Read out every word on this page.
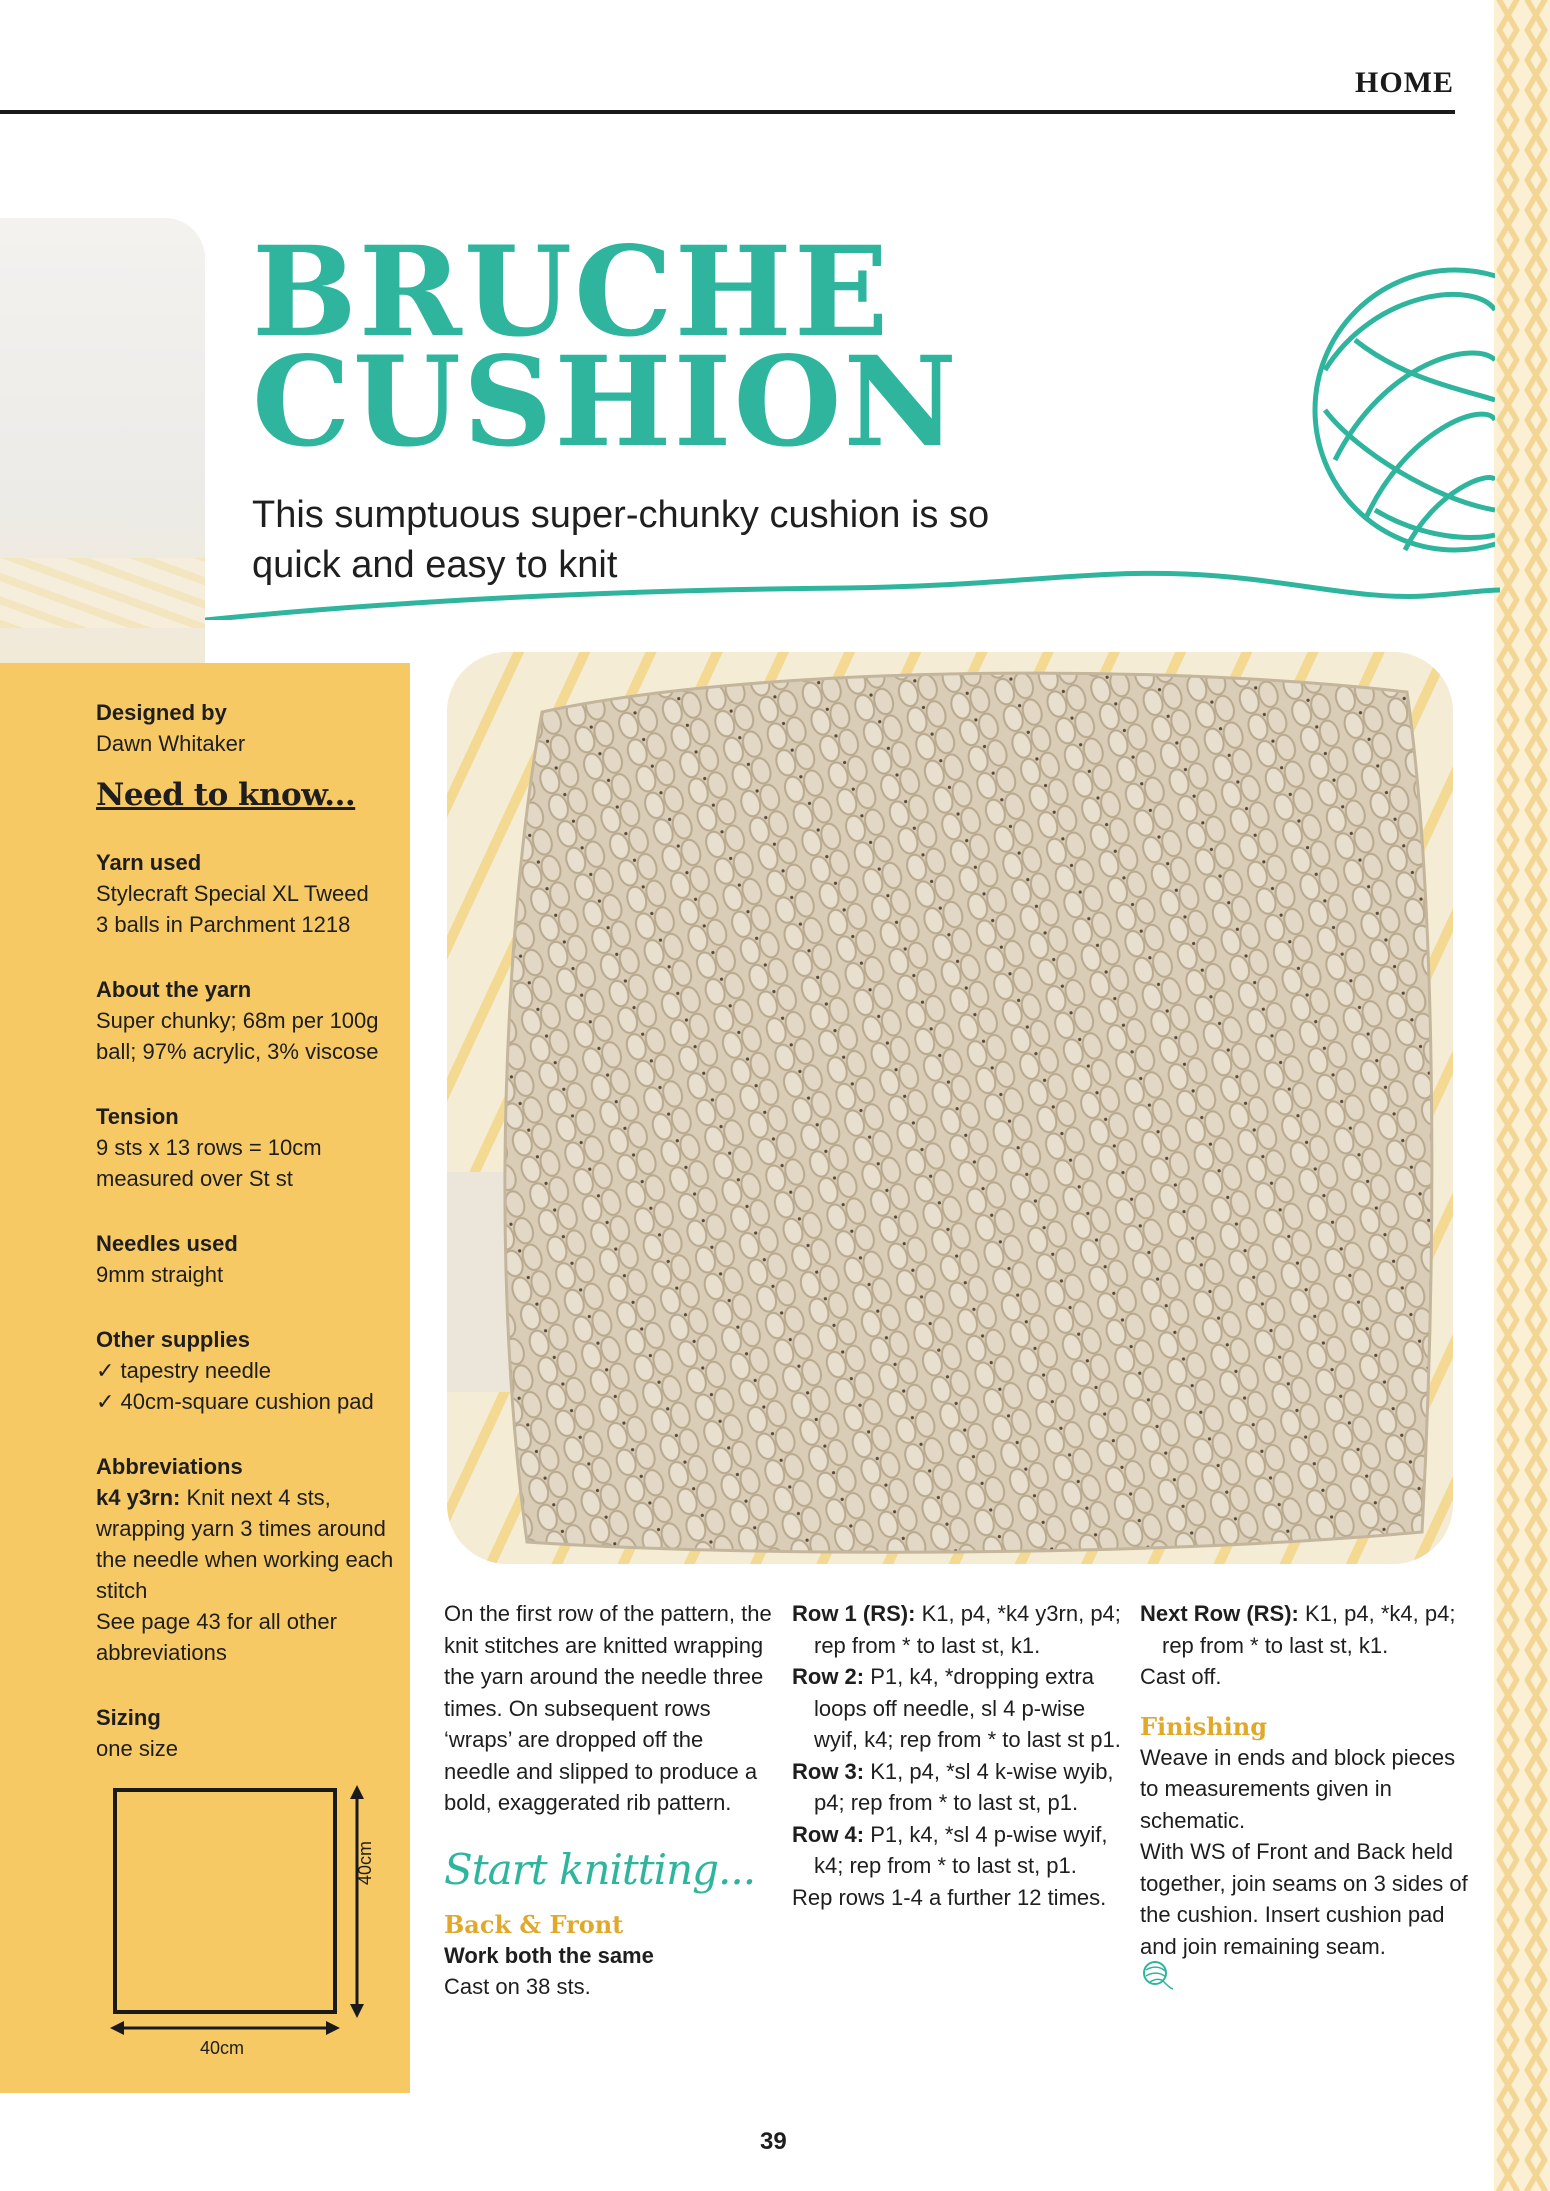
HOME
BRUCHE
CUSHION
This sumptuous super-chunky cushion is so quick and easy to knit
Designed by
Dawn Whitaker
Need to know...
Yarn used
Stylecraft Special XL Tweed
3 balls in Parchment 1218
About the yarn
Super chunky; 68m per 100g ball; 97% acrylic, 3% viscose
Tension
9 sts x 13 rows = 10cm measured over St st
Needles used
9mm straight
Other supplies
✓ tapestry needle
✓ 40cm-square cushion pad
Abbreviations
k4 y3rn: Knit next 4 sts, wrapping yarn 3 times around the needle when working each stitch
See page 43 for all other abbreviations
Sizing
one size
40cm
40cm

On the first row of the pattern, the knit stitches are knitted wrapping the yarn around the needle three times. On subsequent rows ‘wraps’ are dropped off the needle and slipped to produce a bold, exaggerated rib pattern.

Start knitting...
Back & Front

Work both the same

Cast on 38 sts.

Row 1 (RS): K1, p4, *k4 y3rn, p4; rep from * to last st, k1.

Row 2: P1, k4, *dropping extra loops off needle, sl 4 p-wise wyif, k4; rep from * to last st p1.

Row 3: K1, p4, *sl 4 k-wise wyib, p4; rep from * to last st, p1.

Row 4: P1, k4, *sl 4 p-wise wyif, k4; rep from * to last st, p1.

Rep rows 1-4 a further 12 times.

Next Row (RS): K1, p4, *k4, p4; rep from * to last st, k1.

Cast off.

Finishing

Weave in ends and block pieces to measurements given in schematic.

With WS of Front and Back held together, join seams on 3 sides of the cushion. Insert cushion pad and join remaining seam.

39
